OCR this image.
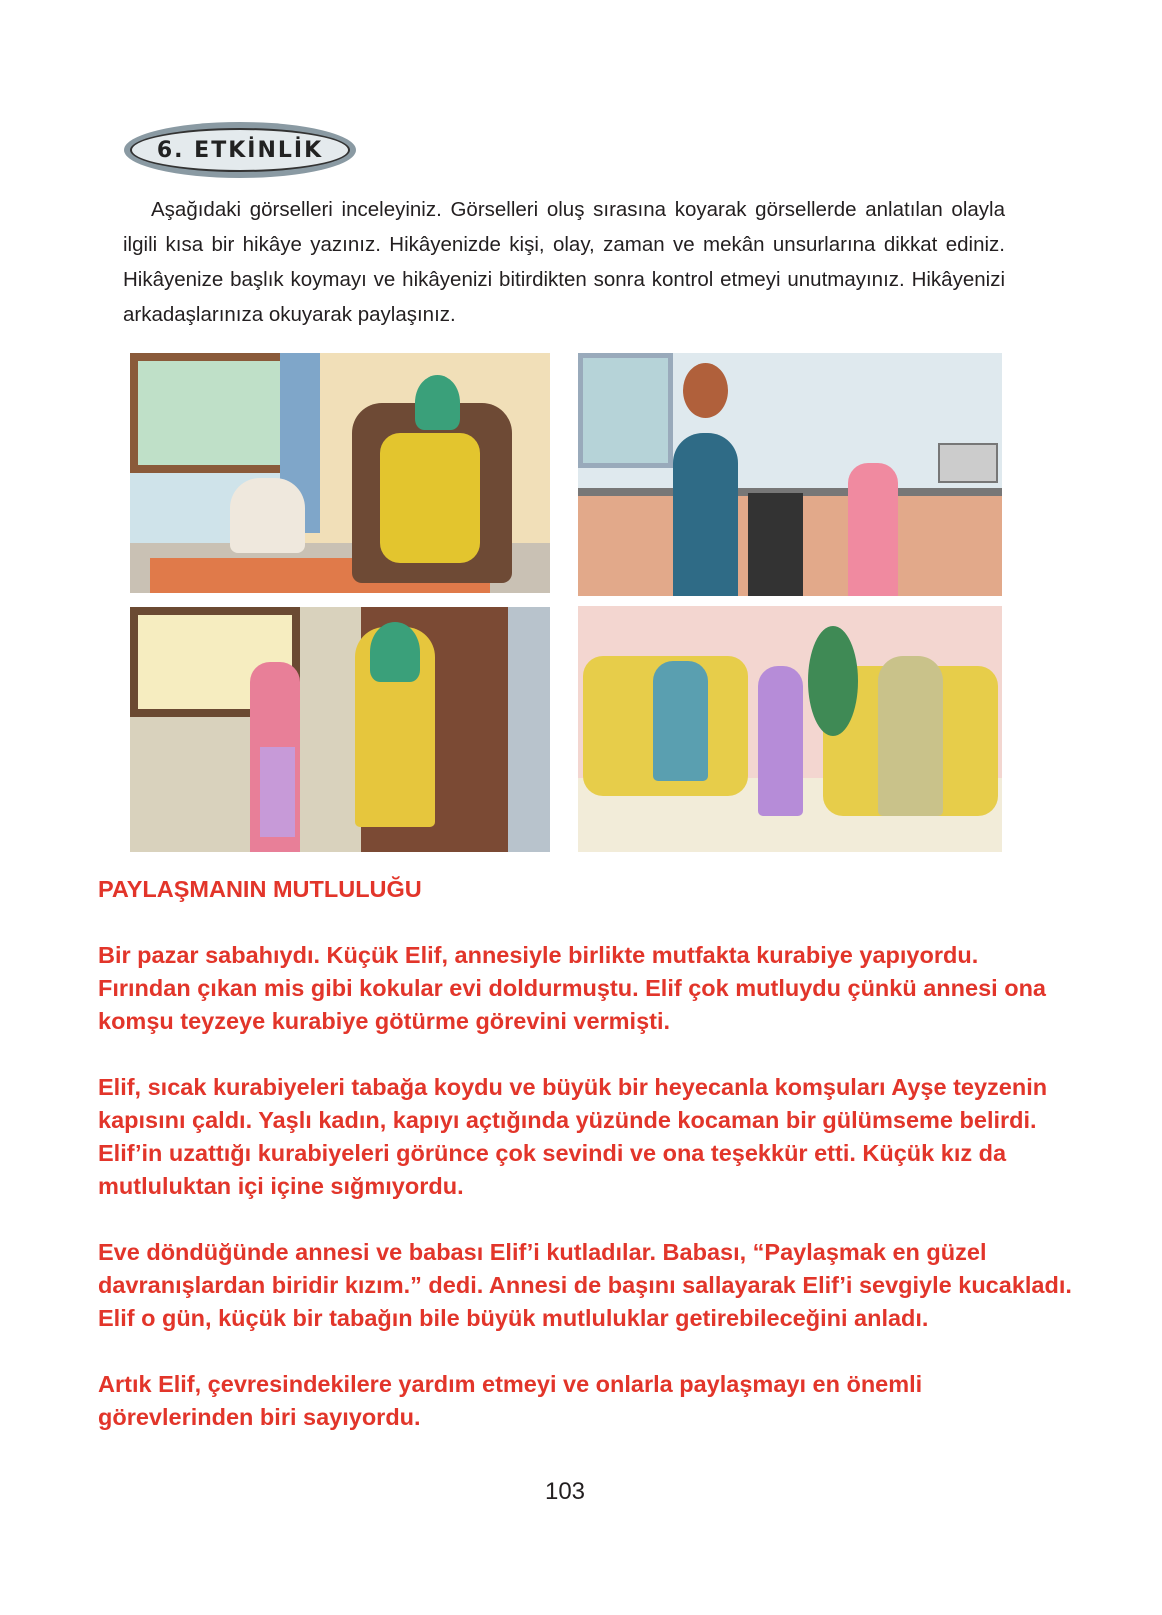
6. ETKİNLİK
Aşağıdaki görselleri inceleyiniz. Görselleri oluş sırasına koyarak görsellerde anlatılan olayla ilgili kısa bir hikâye yazınız. Hikâyenizde kişi, olay, zaman ve mekân unsurlarına dikkat ediniz. Hikâyenize başlık koymayı ve hikâyenizi bitirdikten sonra kontrol etmeyi unutmayınız. Hikâyenizi arkadaşlarınıza okuyarak paylaşınız.

PAYLAŞMANIN MUTLULUĞU

Bir pazar sabahıydı. Küçük Elif, annesiyle birlikte mutfakta kurabiye yapıyordu. Fırından çıkan mis gibi kokular evi doldurmuştu. Elif çok mutluydu çünkü annesi ona komşu teyzeye kurabiye götürme görevini vermişti.

Elif, sıcak kurabiyeleri tabağa koydu ve büyük bir heyecanla komşuları Ayşe teyzenin kapısını çaldı. Yaşlı kadın, kapıyı açtığında yüzünde kocaman bir gülümseme belirdi. Elif’in uzattığı kurabiyeleri görünce çok sevindi ve ona teşekkür etti. Küçük kız da mutluluktan içi içine sığmıyordu.

Eve döndüğünde annesi ve babası Elif’i kutladılar. Babası, “Paylaşmak en güzel davranışlardan biridir kızım.” dedi. Annesi de başını sallayarak Elif’i sevgiyle kucakladı. Elif o gün, küçük bir tabağın bile büyük mutluluklar getirebileceğini anladı.

Artık Elif, çevresindekilere yardım etmeyi ve onlarla paylaşmayı en önemli görevlerinden biri sayıyordu.

103
